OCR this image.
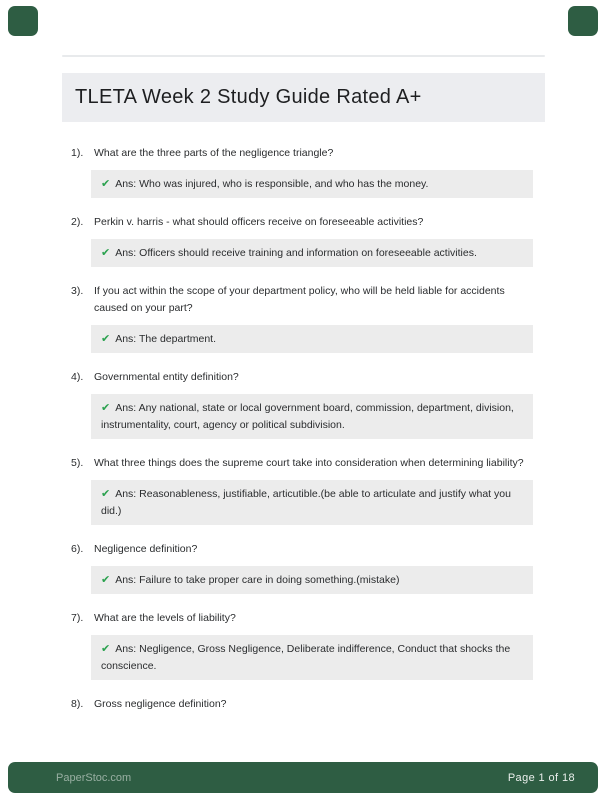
TLETA Week 2 Study Guide Rated A+
1).	What are the three parts of the negligence triangle?
✔ Ans: Who was injured, who is responsible, and who has the money.
2).	Perkin v. harris - what should officers receive on foreseeable activities?
✔ Ans: Officers should receive training and information on foreseeable activities.
3).	If you act within the scope of your department policy, who will be held liable for accidents caused on your part?
✔ Ans: The department.
4).	Governmental entity definition?
✔ Ans: Any national, state or local government board, commission, department, division, instrumentality, court, agency or political subdivision.
5).	What three things does the supreme court take into consideration when determining liability?
✔ Ans: Reasonableness, justifiable, articutible.(be able to articulate and justify what you did.)
6).	Negligence definition?
✔ Ans: Failure to take proper care in doing something.(mistake)
7).	What are the levels of liability?
✔ Ans: Negligence, Gross Negligence, Deliberate indifference, Conduct that shocks the conscience.
8).	Gross negligence definition?
PaperStoc.com	Page 1 of 18
